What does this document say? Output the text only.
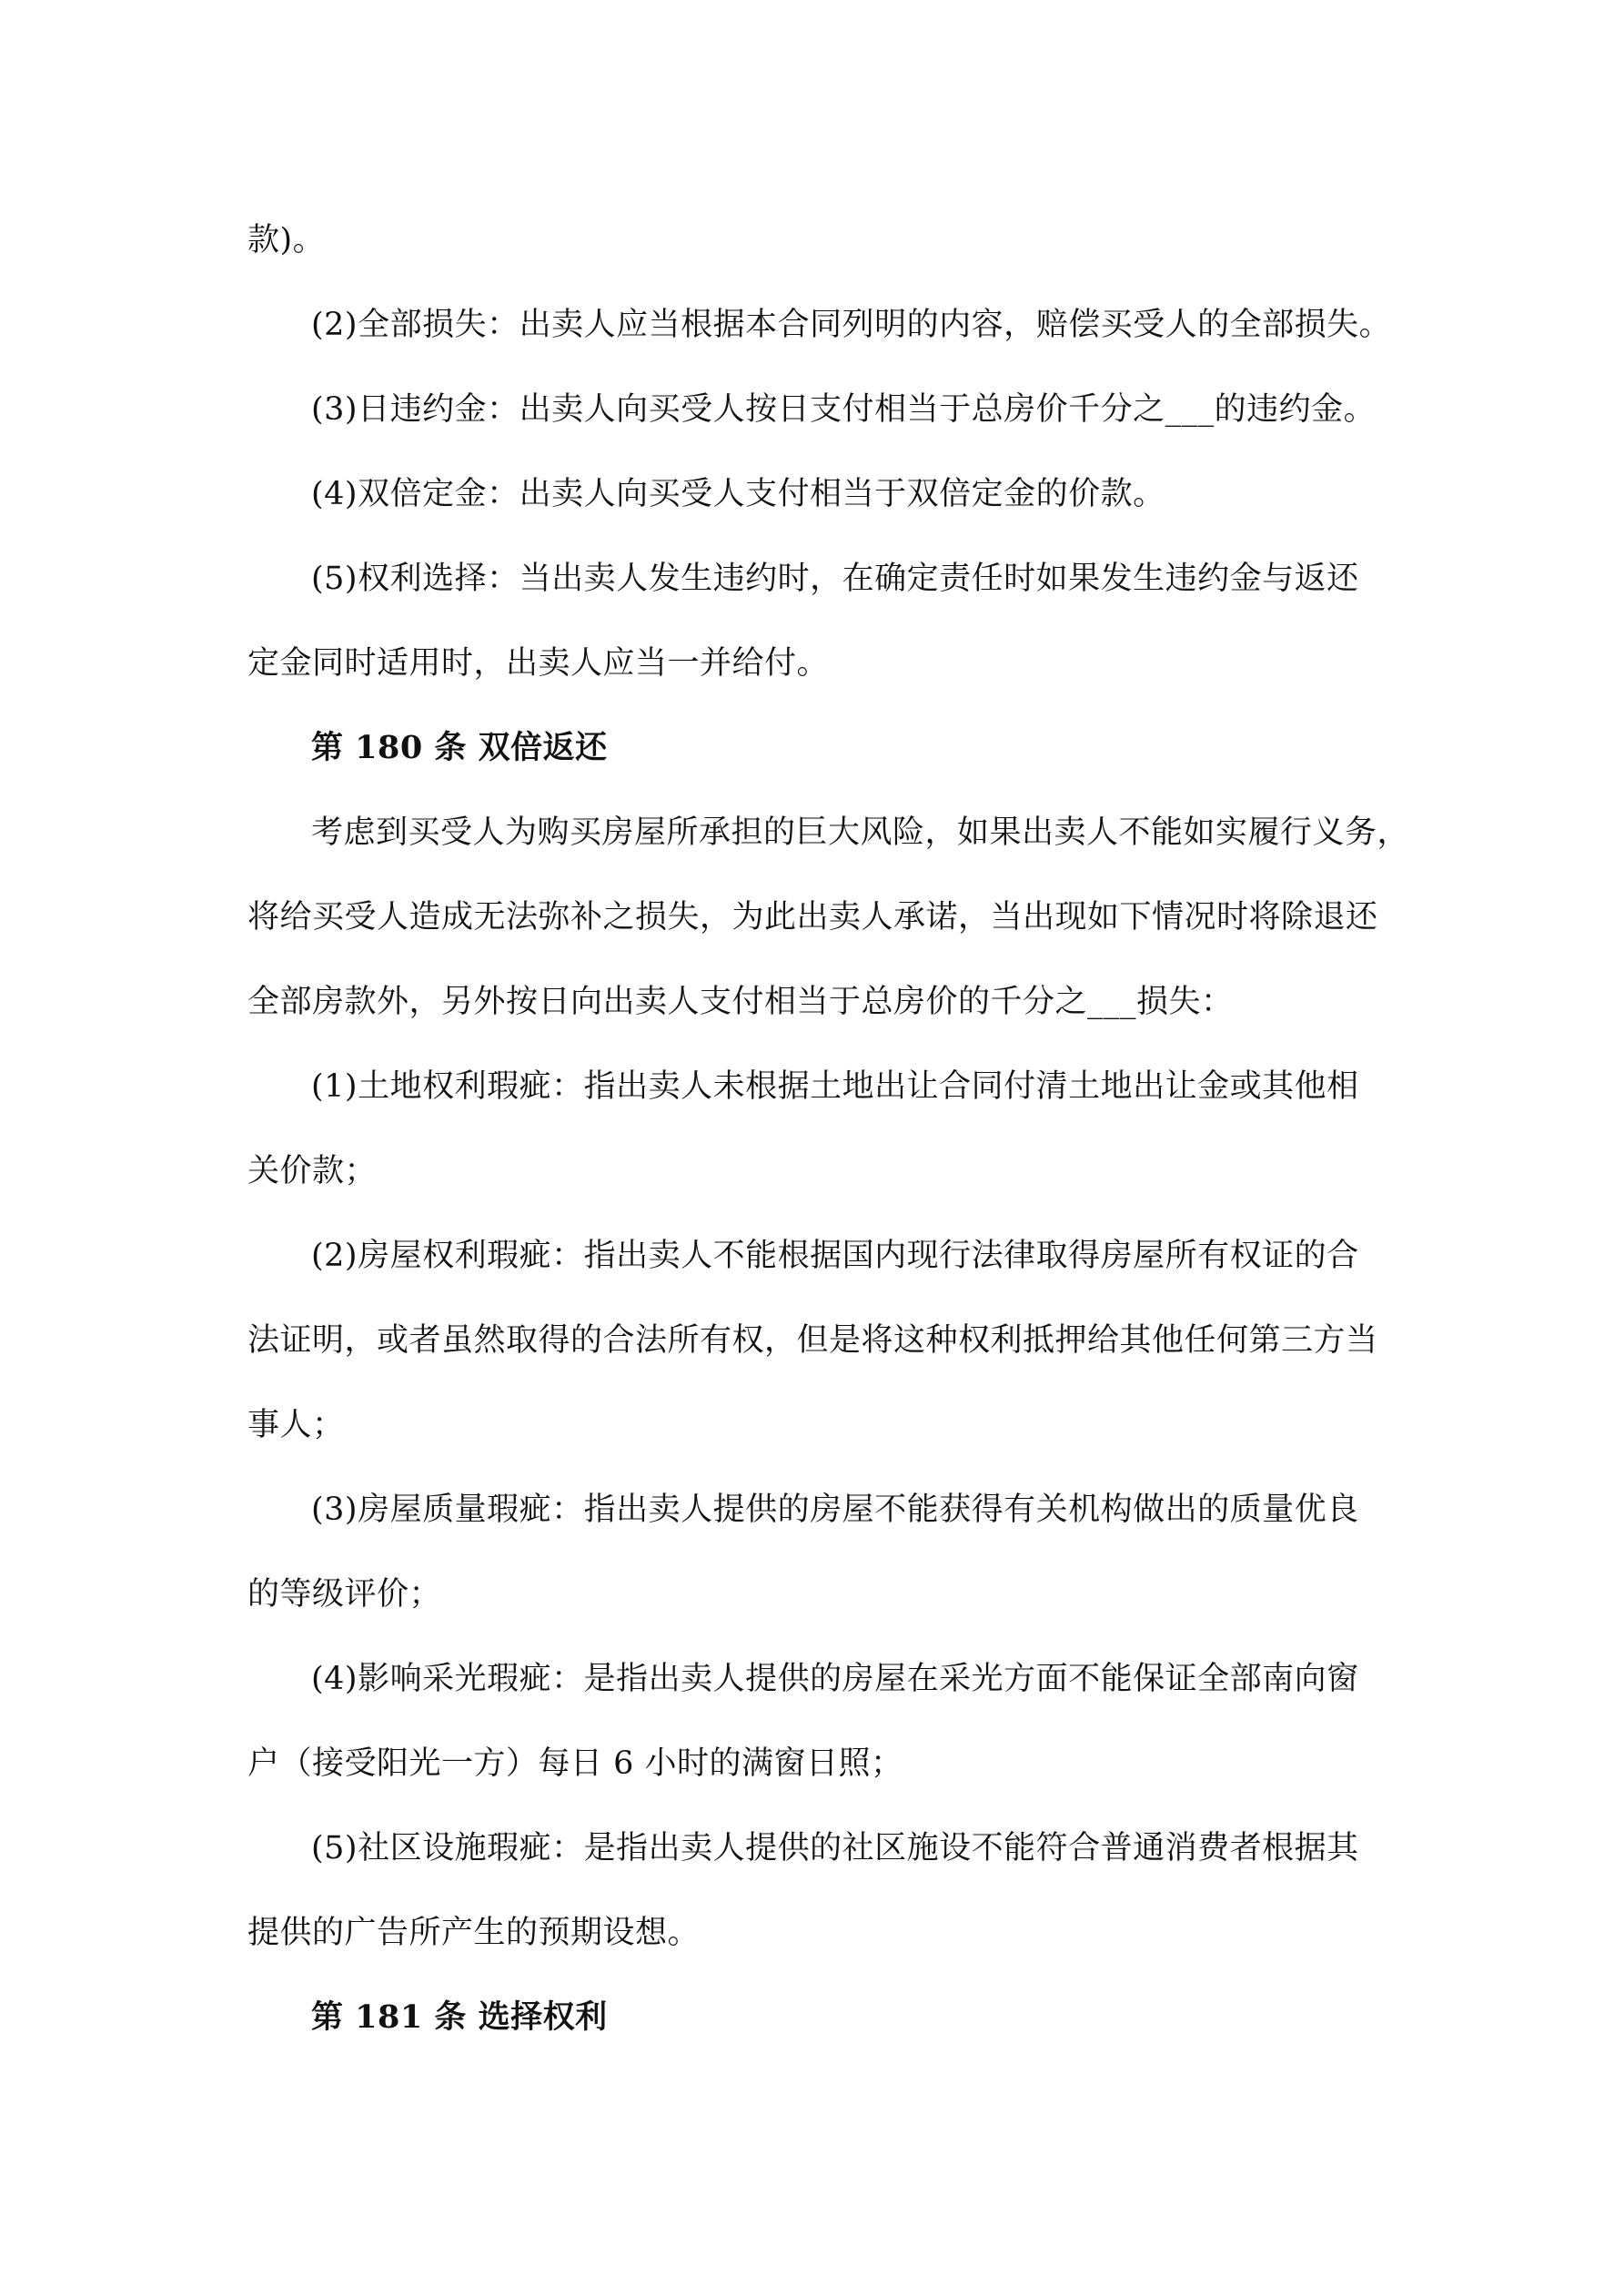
款)。
(2)全部损失：出卖人应当根据本合同列明的内容，赔偿买受人的全部损失。
(3)日违约金：出卖人向买受人按日支付相当于总房价千分之___的违约金。
(4)双倍定金：出卖人向买受人支付相当于双倍定金的价款。
(5)权利选择：当出卖人发生违约时，在确定责任时如果发生违约金与返还
定金同时适用时，出卖人应当一并给付。
第 180 条 双倍返还
考虑到买受人为购买房屋所承担的巨大风险，如果出卖人不能如实履行义务，
将给买受人造成无法弥补之损失，为此出卖人承诺，当出现如下情况时将除退还
全部房款外，另外按日向出卖人支付相当于总房价的千分之___损失：
(1)土地权利瑕疵：指出卖人未根据土地出让合同付清土地出让金或其他相
关价款；
(2)房屋权利瑕疵：指出卖人不能根据国内现行法律取得房屋所有权证的合
法证明，或者虽然取得的合法所有权，但是将这种权利抵押给其他任何第三方当
事人；
(3)房屋质量瑕疵：指出卖人提供的房屋不能获得有关机构做出的质量优良
的等级评价；
(4)影响采光瑕疵：是指出卖人提供的房屋在采光方面不能保证全部南向窗
户（接受阳光一方）每日 6 小时的满窗日照；
(5)社区设施瑕疵：是指出卖人提供的社区施设不能符合普通消费者根据其
提供的广告所产生的预期设想。
第 181 条 选择权利
